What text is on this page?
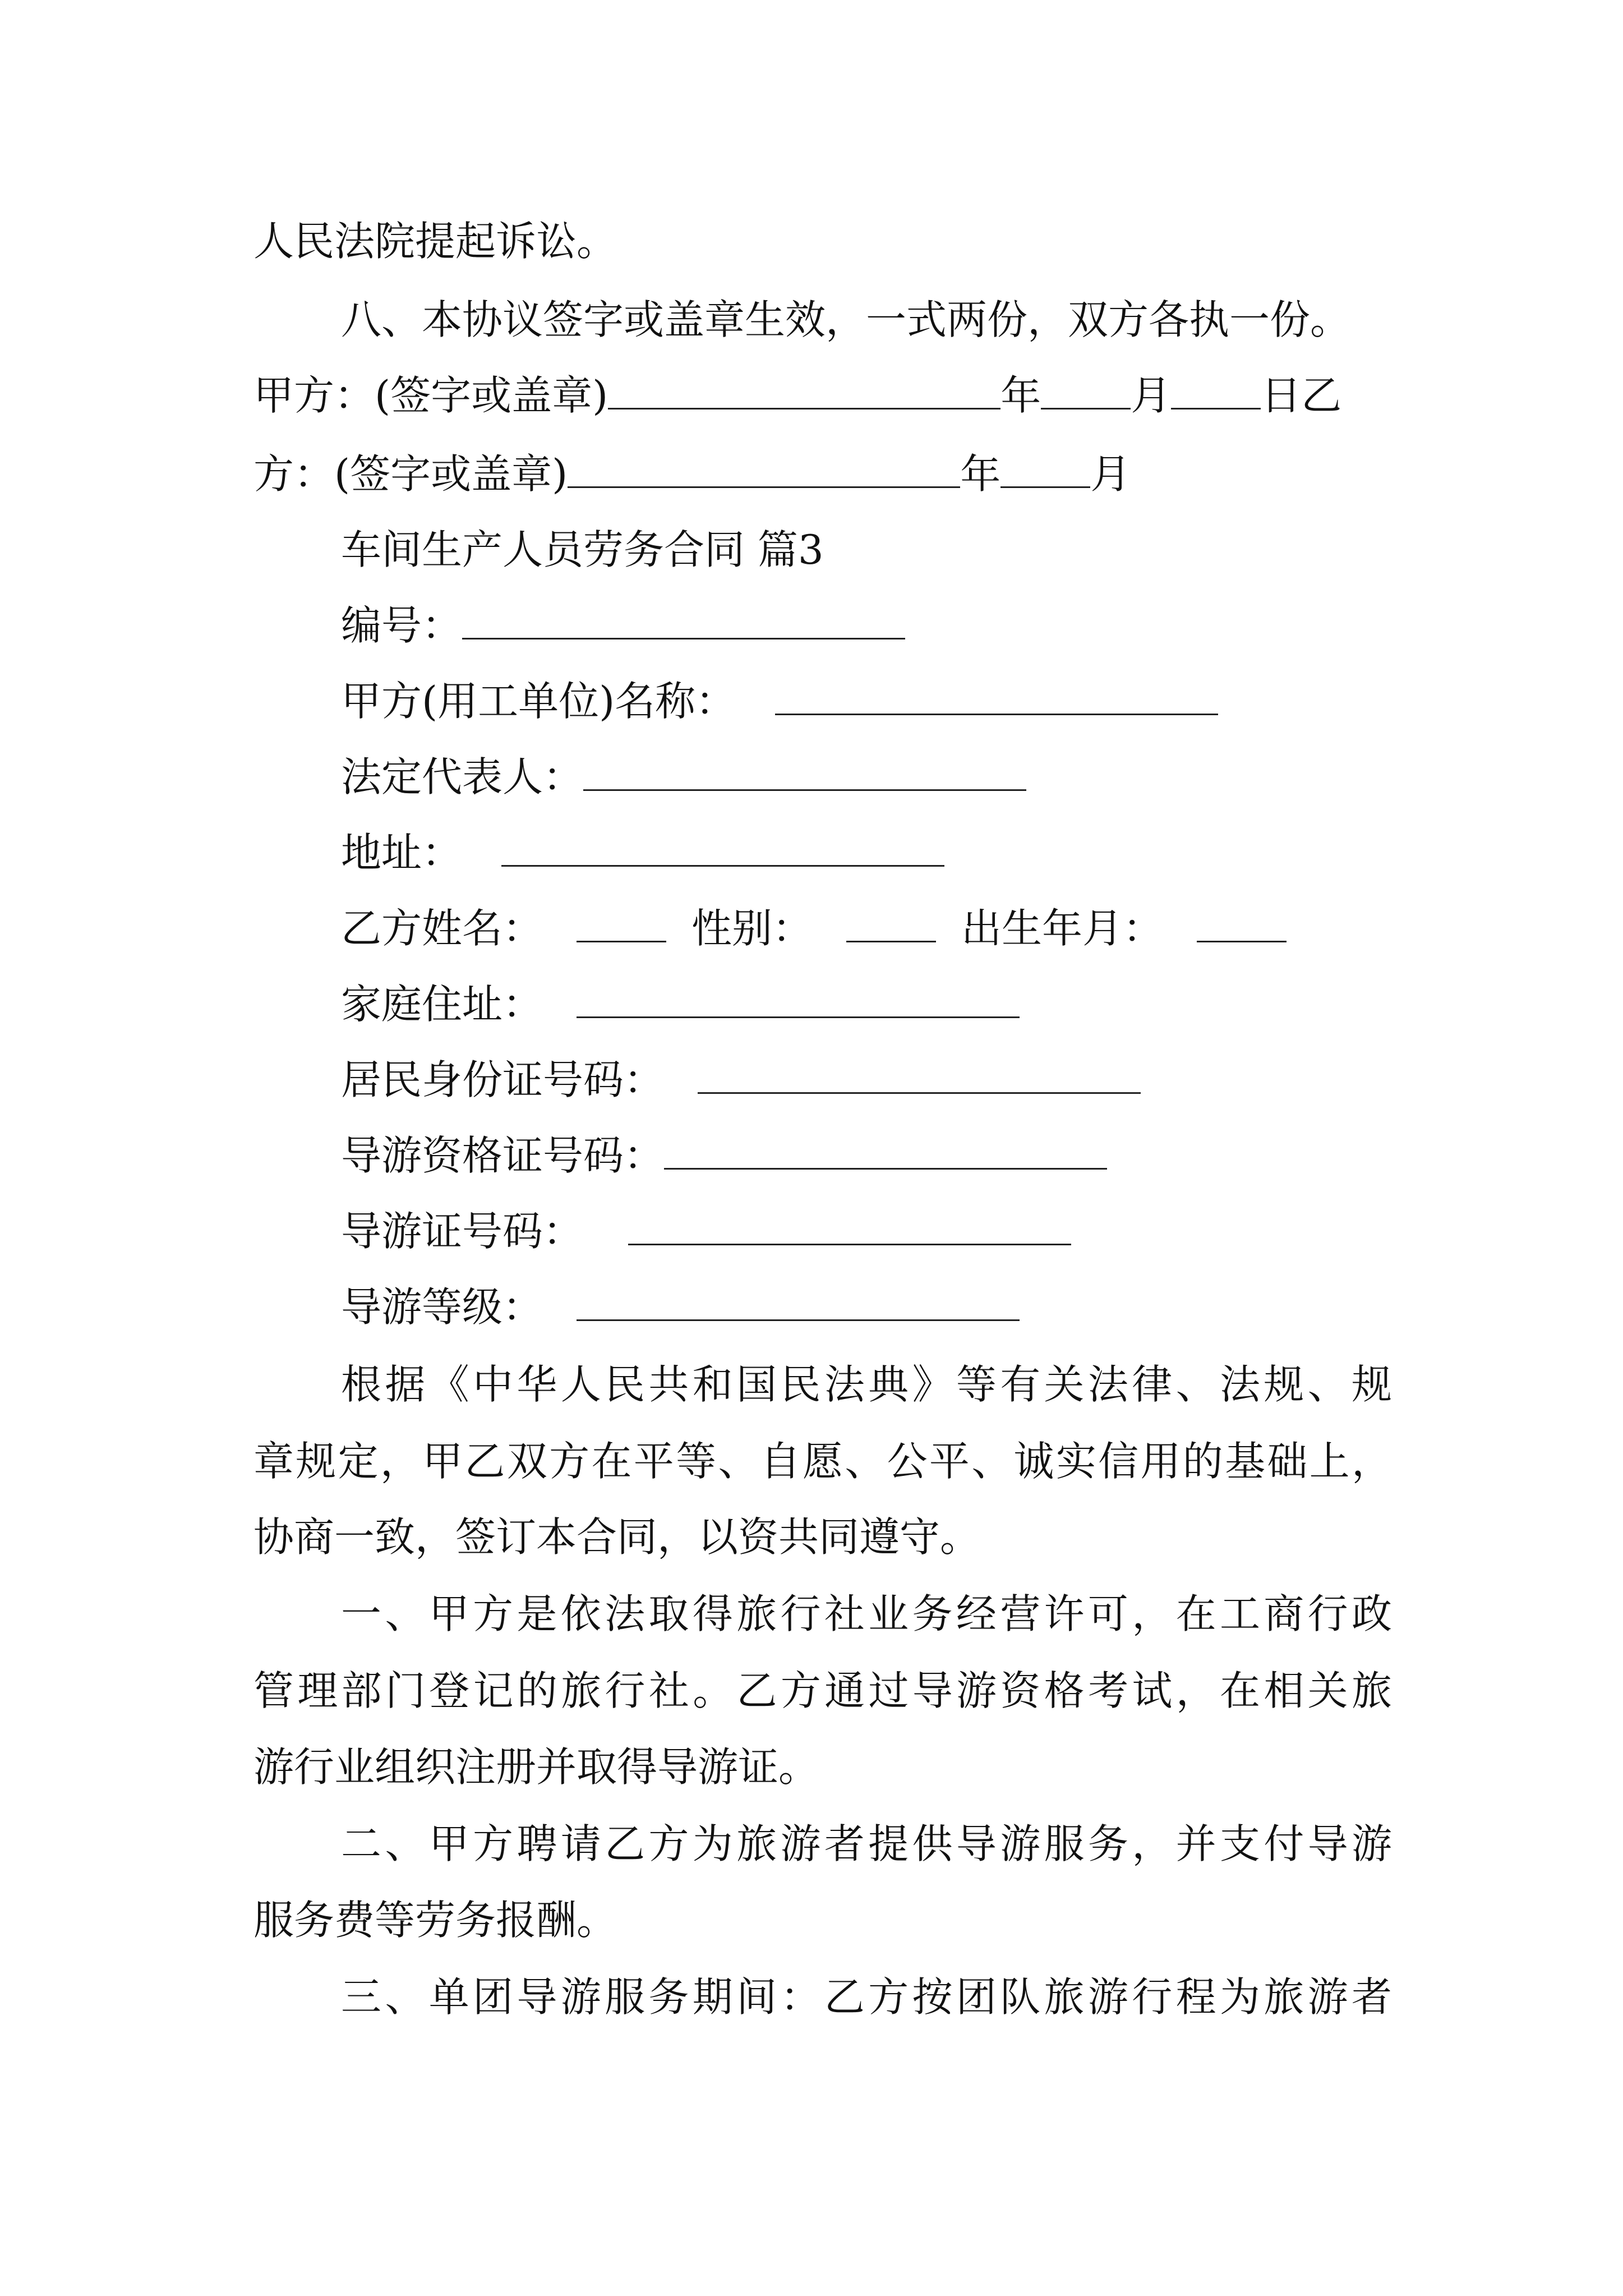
人民法院提起诉讼。
八、本协议签字或盖章生效，一式两份，双方各执一份。
甲方：(签字或盖章)	年 月 日乙
方：(签字或盖章)	年 月
车间生产人员劳务合同 篇3
编号：
甲方(用工单位)名称：
法定代表人：
地址：
乙方姓名：	性别：	出生年月：
家庭住址：
居民身份证号码：
导游资格证号码：
导游证号码：
导游等级：
根据《中华人民共和国民法典》等有关法律、法规、规
章规定，甲乙双方在平等、自愿、公平、诚实信用的基础上，
协商一致，签订本合同，以资共同遵守。
一、甲方是依法取得旅行社业务经营许可，在工商行政
管理部门登记的旅行社。乙方通过导游资格考试，在相关旅
游行业组织注册并取得导游证。
二、甲方聘请乙方为旅游者提供导游服务，并支付导游
服务费等劳务报酬。
三、单团导游服务期间：乙方按团队旅游行程为旅游者
